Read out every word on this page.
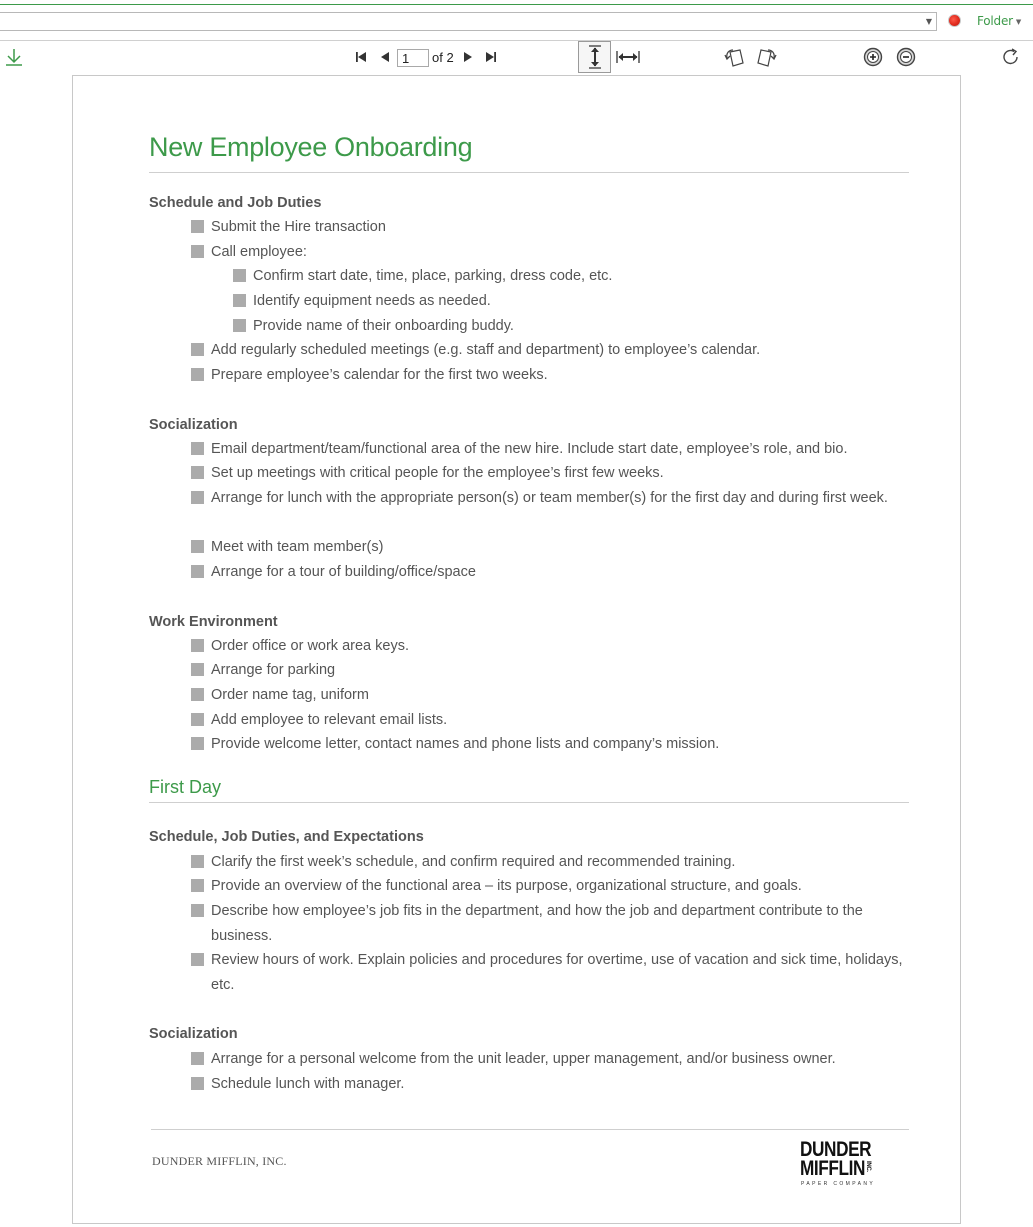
▼	Folder ▼
1
of 2
New Employee Onboarding
Schedule and Job Duties
Submit the Hire transaction
Call employee:
Confirm start date, time, place, parking, dress code, etc.
Identify equipment needs as needed.
Provide name of their onboarding buddy.
Add regularly scheduled meetings (e.g. staff and department) to employee’s calendar.
Prepare employee’s calendar for the first two weeks.
Socialization
Email department/team/functional area of the new hire. Include start date, employee’s role, and bio.
Set up meetings with critical people for the employee’s first few weeks.
Arrange for lunch with the appropriate person(s) or team member(s) for the first day and during first week.
Meet with team member(s)
Arrange for a tour of building/office/space
Work Environment
Order office or work area keys.
Arrange for parking
Order name tag, uniform
Add employee to relevant email lists.
Provide welcome letter, contact names and phone lists and company’s mission.
First Day
Schedule, Job Duties, and Expectations
Clarify the first week’s schedule, and confirm required and recommended training.
Provide an overview of the functional area – its purpose, organizational structure, and goals.
Describe how employee’s job fits in the department, and how the job and department contribute to the business.
Review hours of work. Explain policies and procedures for overtime, use of vacation and sick time, holidays, etc.
Socialization
Arrange for a personal welcome from the unit leader, upper management, and/or business owner.
Schedule lunch with manager.
DUNDER MIFFLIN, INC.	DUNDER
MIFFLIN INC.
PAPER COMPANY
